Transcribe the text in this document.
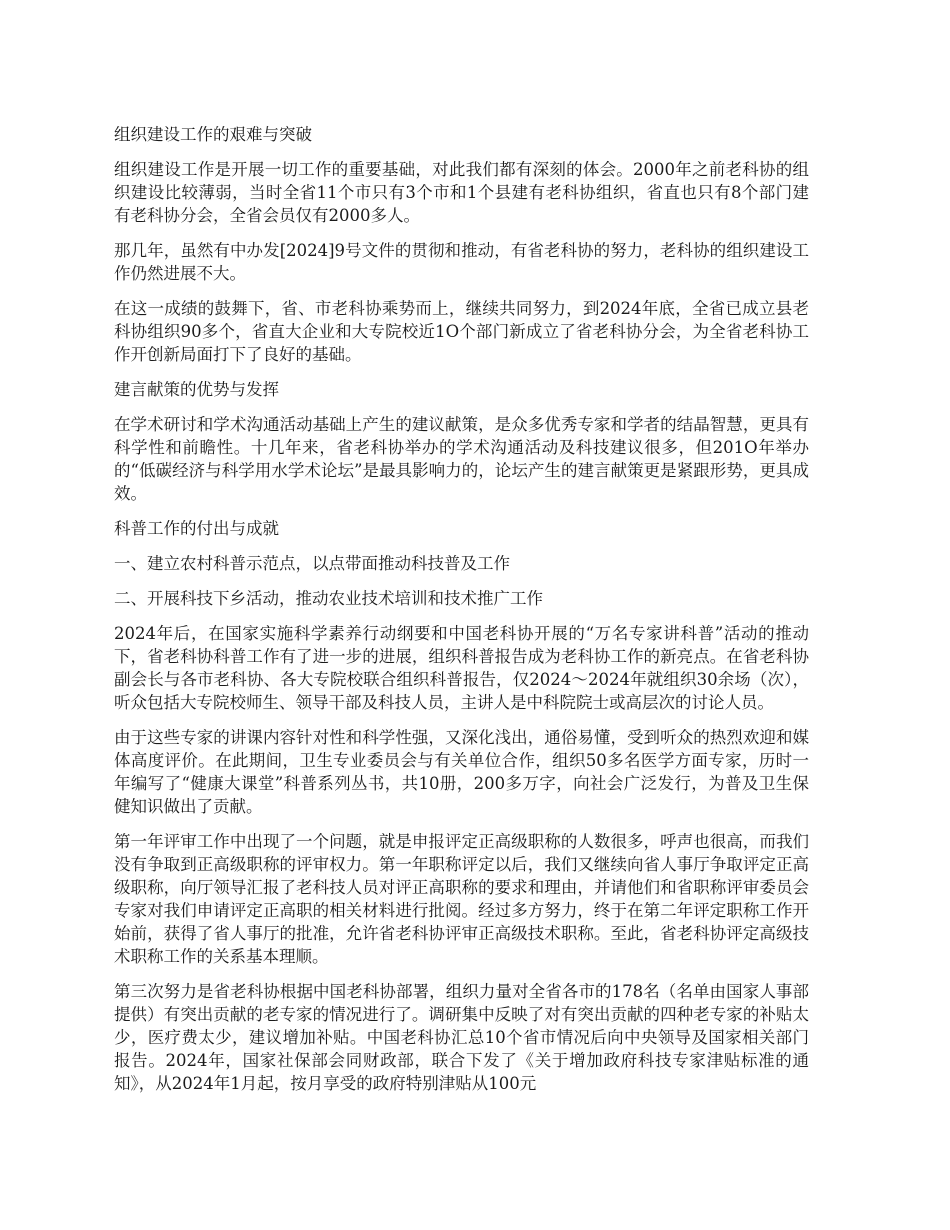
组织建设工作的艰难与突破

组织建设工作是开展一切工作的重要基础，对此我们都有深刻的体会。2000年之前老科协的组织建设比较薄弱，当时全省11个市只有3个市和1个县建有老科协组织，省直也只有8个部门建有老科协分会，全省会员仅有2000多人。

那几年，虽然有中办发[2024]9号文件的贯彻和推动，有省老科协的努力，老科协的组织建设工作仍然进展不大。

在这一成绩的鼓舞下，省、市老科协乘势而上，继续共同努力，到2024年底，全省已成立县老科协组织90多个，省直大企业和大专院校近1O个部门新成立了省老科协分会，为全省老科协工作开创新局面打下了良好的基础。

建言献策的优势与发挥

在学术研讨和学术沟通活动基础上产生的建议献策，是众多优秀专家和学者的结晶智慧，更具有科学性和前瞻性。十几年来，省老科协举办的学术沟通活动及科技建议很多，但201O年举办的“低碳经济与科学用水学术论坛”是最具影响力的，论坛产生的建言献策更是紧跟形势，更具成效。

科普工作的付出与成就
一、建立农村科普示范点，以点带面推动科技普及工作
二、开展科技下乡活动，推动农业技术培训和技术推广工作

2024年后，在国家实施科学素养行动纲要和中国老科协开展的“万名专家讲科普”活动的推动下，省老科协科普工作有了进一步的进展，组织科普报告成为老科协工作的新亮点。在省老科协副会长与各市老科协、各大专院校联合组织科普报告，仅2024～2024年就组织30余场（次），听众包括大专院校师生、领导干部及科技人员，主讲人是中科院院士或高层次的讨论人员。

由于这些专家的讲课内容针对性和科学性强，又深化浅出，通俗易懂，受到听众的热烈欢迎和媒体高度评价。在此期间，卫生专业委员会与有关单位合作，组织50多名医学方面专家，历时一年编写了“健康大课堂”科普系列丛书，共10册，200多万字，向社会广泛发行，为普及卫生保健知识做出了贡献。

第一年评审工作中出现了一个问题，就是申报评定正高级职称的人数很多，呼声也很高，而我们没有争取到正高级职称的评审权力。第一年职称评定以后，我们又继续向省人事厅争取评定正高级职称，向厅领导汇报了老科技人员对评正高职称的要求和理由，并请他们和省职称评审委员会专家对我们申请评定正高职的相关材料进行批阅。经过多方努力，终于在第二年评定职称工作开始前，获得了省人事厅的批准，允许省老科协评审正高级技术职称。至此，省老科协评定高级技术职称工作的关系基本理顺。

第三次努力是省老科协根据中国老科协部署，组织力量对全省各市的178名（名单由国家人事部提供）有突出贡献的老专家的情况进行了。调研集中反映了对有突出贡献的四种老专家的补贴太少，医疗费太少，建议增加补贴。中国老科协汇总10个省市情况后向中央领导及国家相关部门报告。2024年，国家社保部会同财政部，联合下发了《关于增加政府科技专家津贴标准的通知》，从2024年1月起，按月享受的政府特别津贴从100元
